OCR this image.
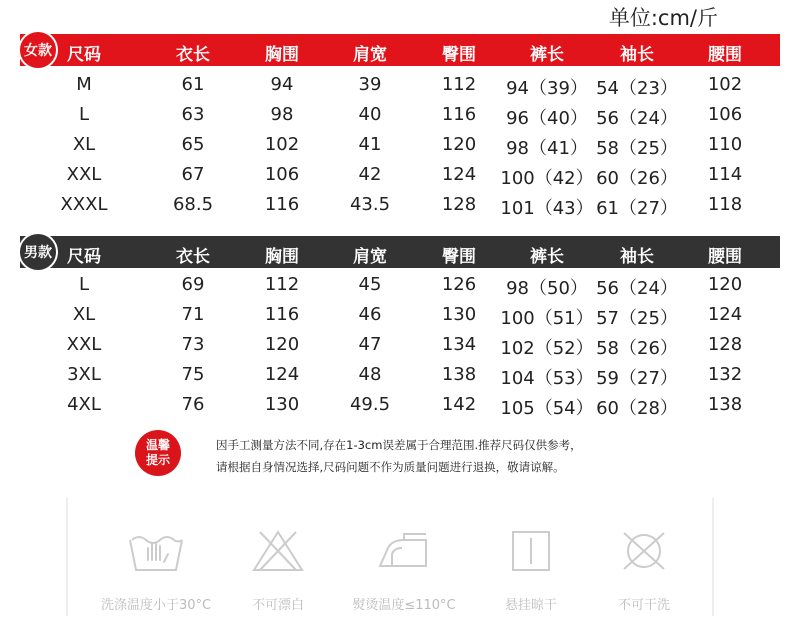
单位:cm/斤
女款 尺码	衣长	胸围	肩宽	臀围	裤长	袖长	腰围
M	61	94	39	112 94（39） 54（23） 102
L	63	98	40	116 96（40） 56（24） 106
XL	65	102	41	120 98（41） 58（25） 110
XXL	67	106	42	124 100（42） 60（26） 114
XXXL	68.5	116	43.5	128 101（43） 61（27） 118
男款 尺码	衣长	胸围	肩宽	臀围	裤长	袖长	腰围
L	69	112	45	126 98（50） 56（24） 120
XL	71	116	46	130 100（51） 57（25） 124
XXL	73	120	47	134 102（52） 58（26） 128
3XL	75	124	48	138 104（53） 59（27） 132
4XL	76	130	49.5	142 105（54） 60（28） 138
温馨
提示
因手工测量方法不同,存在1-3cm误差属于合理范围.推荐尺码仅供参考，
请根据自身情况选择,尺码问题不作为质量问题进行退换，敬请谅解。
洗涤温度小于30°C	不可漂白	熨烫温度≤110°C	悬挂晾干	不可干洗
